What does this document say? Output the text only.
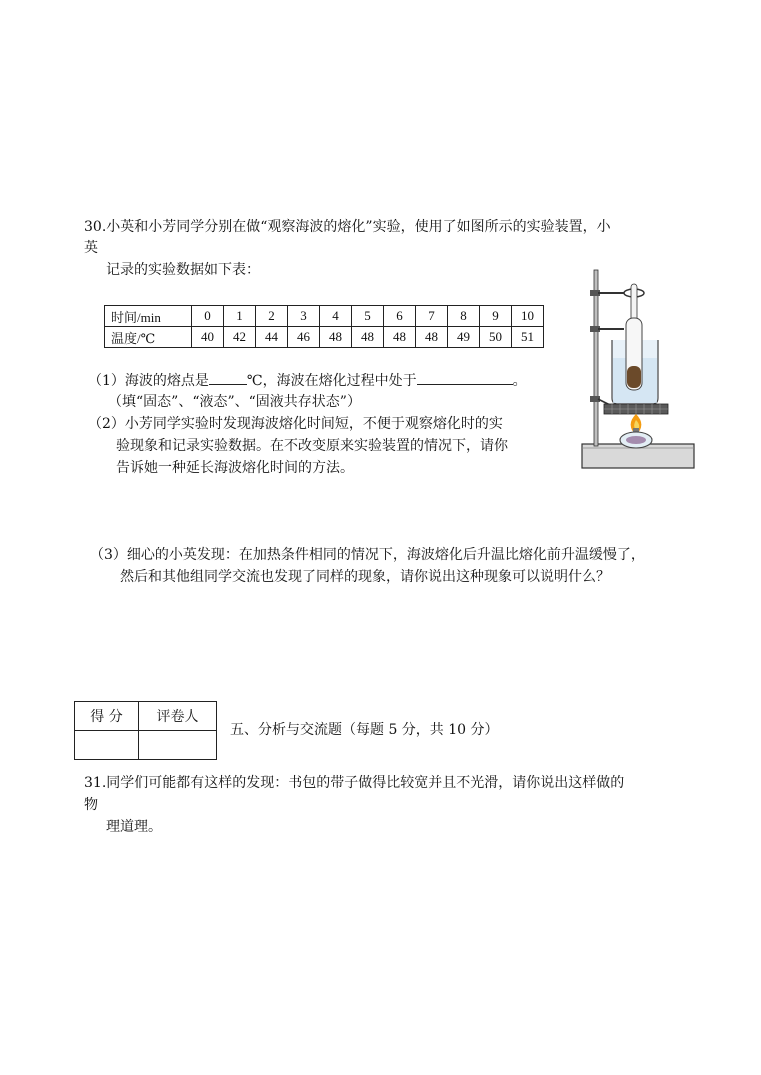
30.小英和小芳同学分别在做“观察海波的熔化”实验，使用了如图所示的实验装置，小
英
记录的实验数据如下表：
时间/min	0	1	2	3	4	5	6	7	8	9	10
温度/℃	40	42	44	46	48	48	48	48	49	50	51
（1）海波的熔点是	℃，海波在熔化过程中处于	。
（填“固态”、“液态”、“固液共存状态”）
（2）小芳同学实验时发现海波熔化时间短，不便于观察熔化时的实
验现象和记录实验数据。在不改变原来实验装置的情况下，请你
告诉她一种延长海波熔化时间的方法。
（3）细心的小英发现：在加热条件相同的情况下，海波熔化后升温比熔化前升温缓慢了，
然后和其他组同学交流也发现了同样的现象，请你说出这种现象可以说明什么？
得 分	评卷人

五、分析与交流题（每题 5 分，共 10 分）
31.同学们可能都有这样的发现：书包的带子做得比较宽并且不光滑，请你说出这样做的
物
理道理。
